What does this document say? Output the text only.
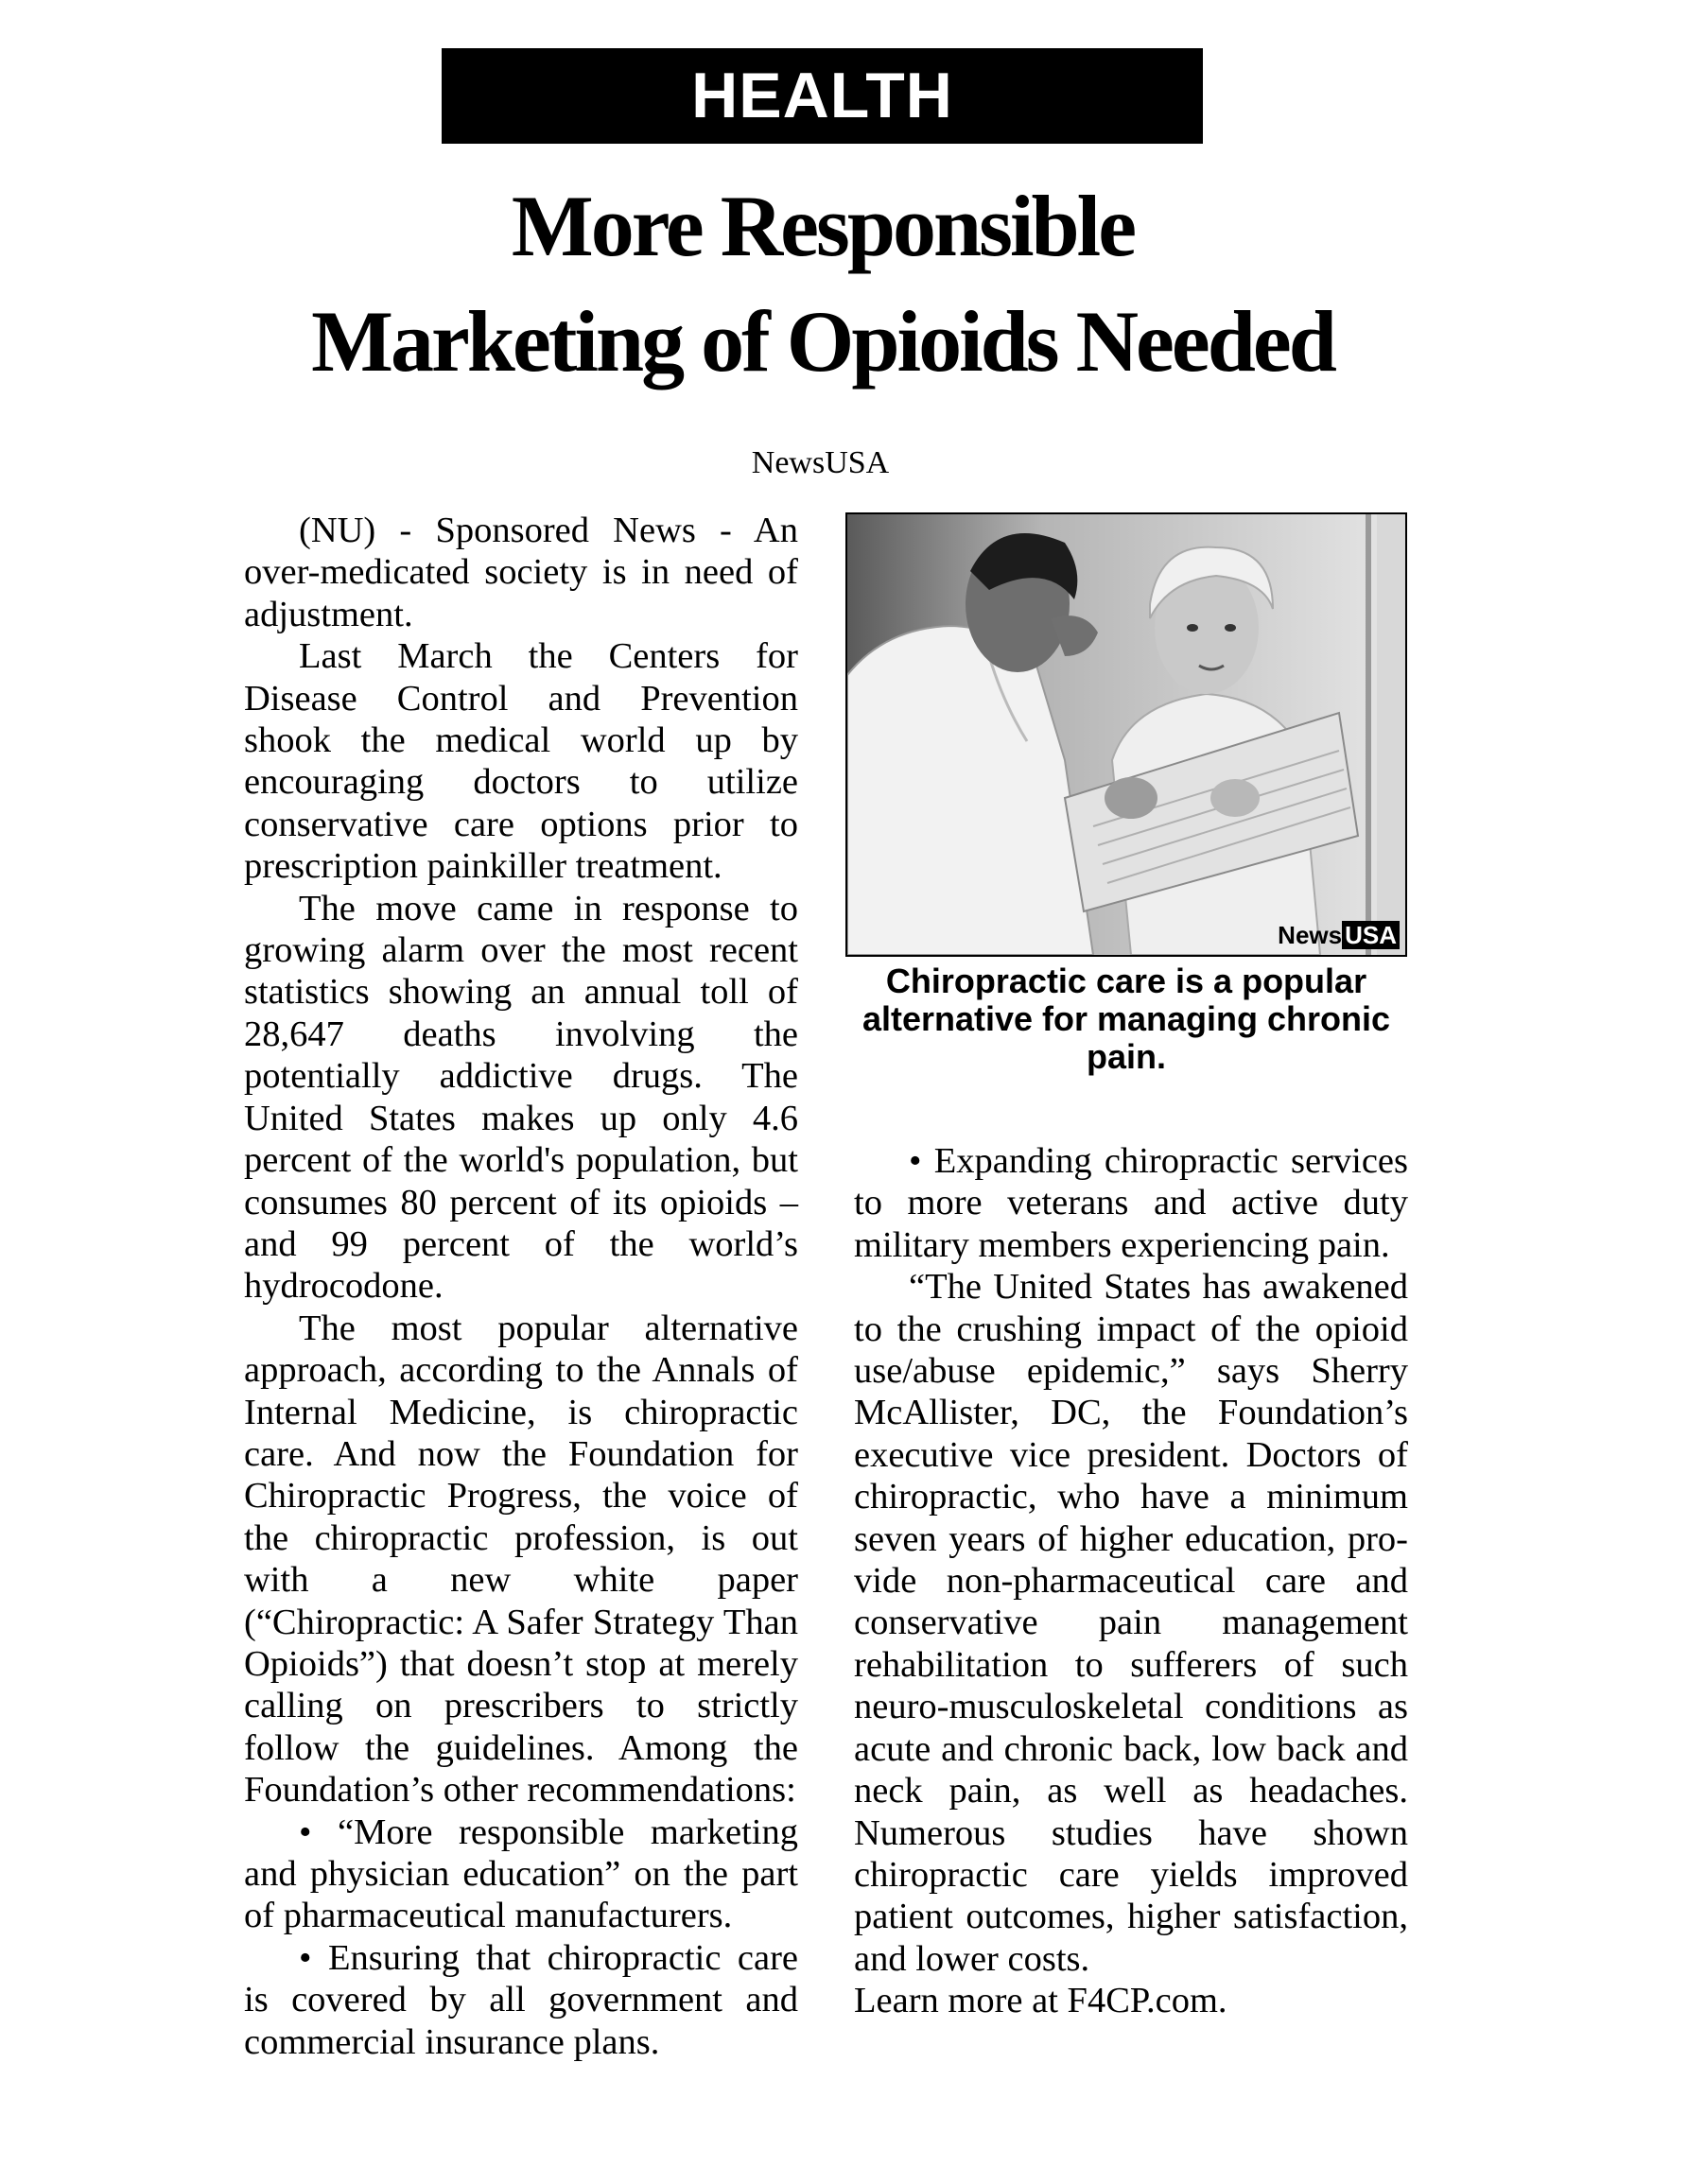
HEALTH
More Responsible
Marketing of Opioids Needed
NewsUSA

(NU) - Sponsored News - An over-medicated society is in need of adjustment.

Last March the Centers for Disease Control and Prevention shook the medical world up by encouraging doctors to utilize conservative care options prior to prescription painkiller treatment.

The move came in response to growing alarm over the most recent statistics showing an annual toll of 28,647 deaths involving the potentially addictive drugs. The United States makes up only 4.6 percent of the world's population, but consumes 80 percent of its opioids – and 99 percent of the world’s hydrocodone.

The most popular alternative approach, according to the Annals of Internal Medicine, is chiropractic care. And now the Foundation for Chiropractic Progress, the voice of the chiropractic profession, is out with a new white paper (“Chiropractic: A Safer Strategy Than Opioids”) that doesn’t stop at merely calling on prescribers to strictly follow the guidelines. Among the Foundation’s other recommendations:

• “More responsible marketing and physician education” on the part of pharmaceutical manufacturers.

• Ensuring that chiropractic care is covered by all government and commercial insurance plans.

News USA
Chiropractic care is a popular alternative for managing chronic pain.

• Expanding chiropractic services to more veterans and active duty military members experiencing pain.

“The United States has awakened to the crushing impact of the opioid use/abuse epidemic,” says Sherry McAllister, DC, the Foundation’s executive vice president. Doctors of chiropractic, who have a minimum seven years of higher education, provide non-pharmaceutical care and conservative pain management rehabilitation to sufferers of such neuro-musculoskeletal conditions as acute and chronic back, low back and neck pain, as well as headaches. Numerous studies have shown chiropractic care yields improved patient outcomes, higher satisfaction, and lower costs.

Learn more at F4CP.com.
